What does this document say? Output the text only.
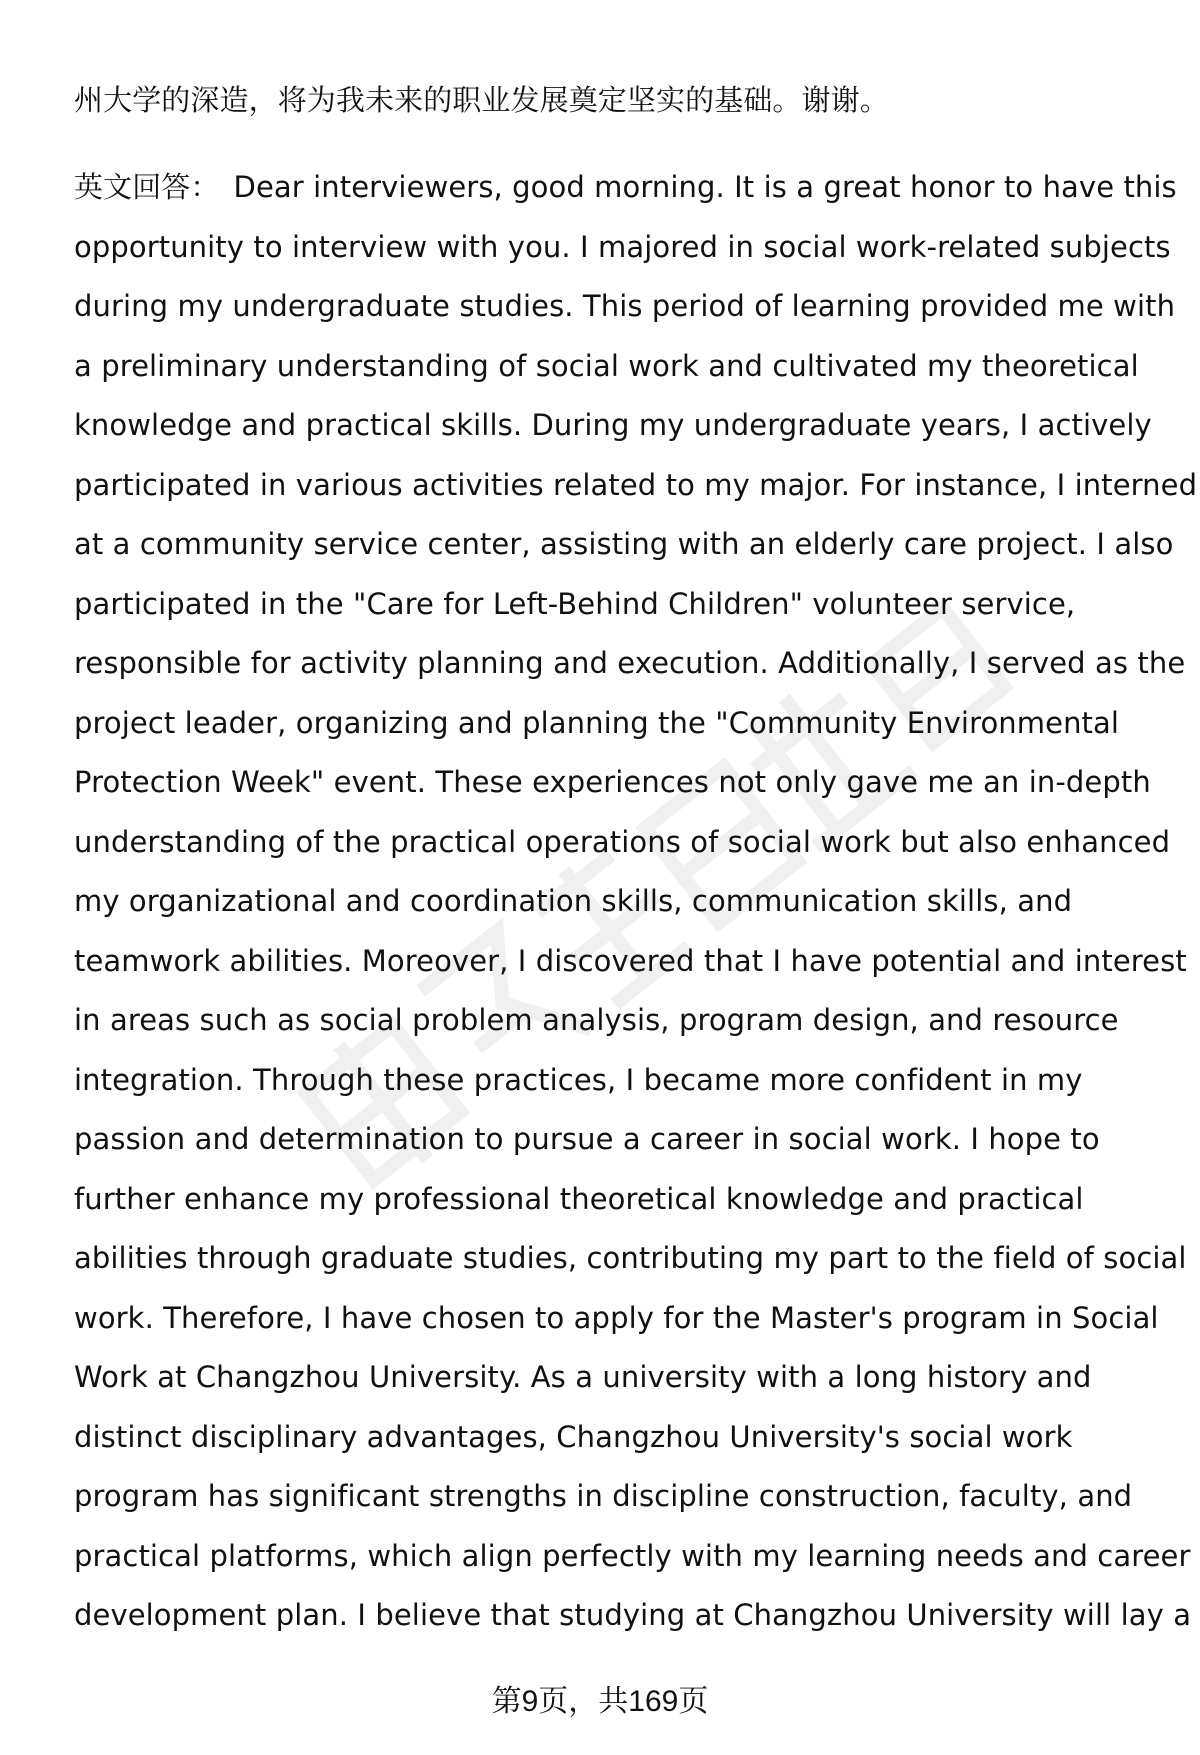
州大学的深造，将为我未来的职业发展奠定坚实的基础。谢谢。
英文回答： Dear interviewers, good morning. It is a great honor to have this
opportunity to interview with you. I majored in social work-related subjects
during my undergraduate studies. This period of learning provided me with
a preliminary understanding of social work and cultivated my theoretical
knowledge and practical skills. During my undergraduate years, I actively
participated in various activities related to my major. For instance, I interned
at a community service center, assisting with an elderly care project. I also
participated in the "Care for Left-Behind Children" volunteer service,
responsible for activity planning and execution. Additionally, I served as the
project leader, organizing and planning the "Community Environmental
Protection Week" event. These experiences not only gave me an in-depth
understanding of the practical operations of social work but also enhanced
my organizational and coordination skills, communication skills, and
teamwork abilities. Moreover, I discovered that I have potential and interest
in areas such as social problem analysis, program design, and resource
integration. Through these practices, I became more confident in my
passion and determination to pursue a career in social work. I hope to
further enhance my professional theoretical knowledge and practical
abilities through graduate studies, contributing my part to the field of social
work. Therefore, I have chosen to apply for the Master's program in Social
Work at Changzhou University. As a university with a long history and
distinct disciplinary advantages, Changzhou University's social work
program has significant strengths in discipline construction, faculty, and
practical platforms, which align perfectly with my learning needs and career
development plan. I believe that studying at Changzhou University will lay a
第9页，共169页
